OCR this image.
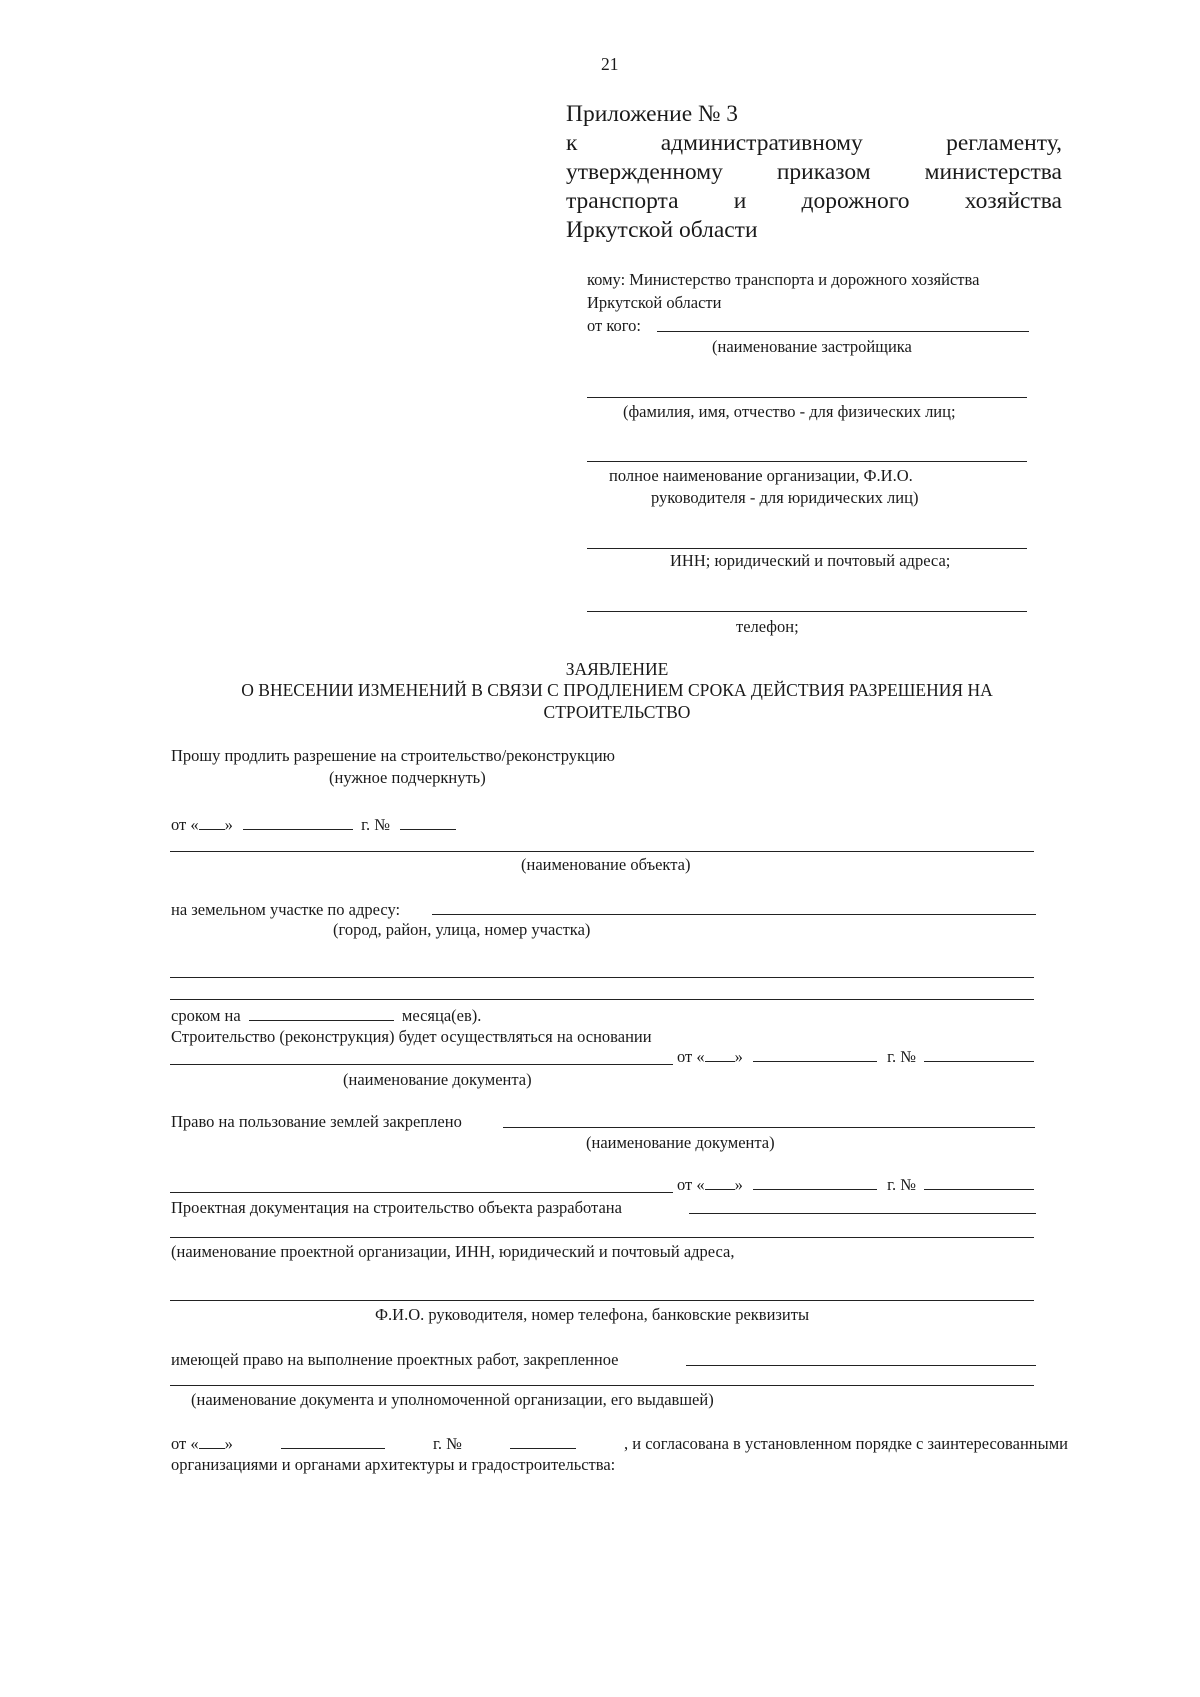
21
Приложение № 3
к	административному	регламенту,
утвержденному приказом министерства
транспорта и дорожного хозяйства
Иркутской области
кому: Министерство транспорта и дорожного хозяйства
Иркутской области
от кого:
(наименование застройщика
(фамилия, имя, отчество - для физических лиц;
полное наименование организации, Ф.И.О.
руководителя - для юридических лиц)
ИНН; юридический и почтовый адреса;
телефон;
ЗАЯВЛЕНИЕ
О ВНЕСЕНИИ ИЗМЕНЕНИЙ В СВЯЗИ С ПРОДЛЕНИЕМ СРОКА ДЕЙСТВИЯ РАЗРЕШЕНИЯ НА
СТРОИТЕЛЬСТВО
Прошу продлить разрешение на строительство/реконструкцию
(нужное подчеркнуть)
от « »	г. №
(наименование объекта)
на земельном участке по адресу:
(город, район, улица, номер участка)
сроком на	месяца(ев).
Строительство (реконструкция) будет осуществляться на основании
от « »	г. №
(наименование документа)
Право на пользование землей закреплено
(наименование документа)
от « »	г. №
Проектная документация на строительство объекта разработана
(наименование проектной организации, ИНН, юридический и почтовый адреса,
Ф.И.О. руководителя, номер телефона, банковские реквизиты
имеющей право на выполнение проектных работ, закрепленное
(наименование документа и уполномоченной организации, его выдавшей)
от « »	г. №	, и согласована в установленном порядке с заинтересованными
организациями и органами архитектуры и градостроительства:
